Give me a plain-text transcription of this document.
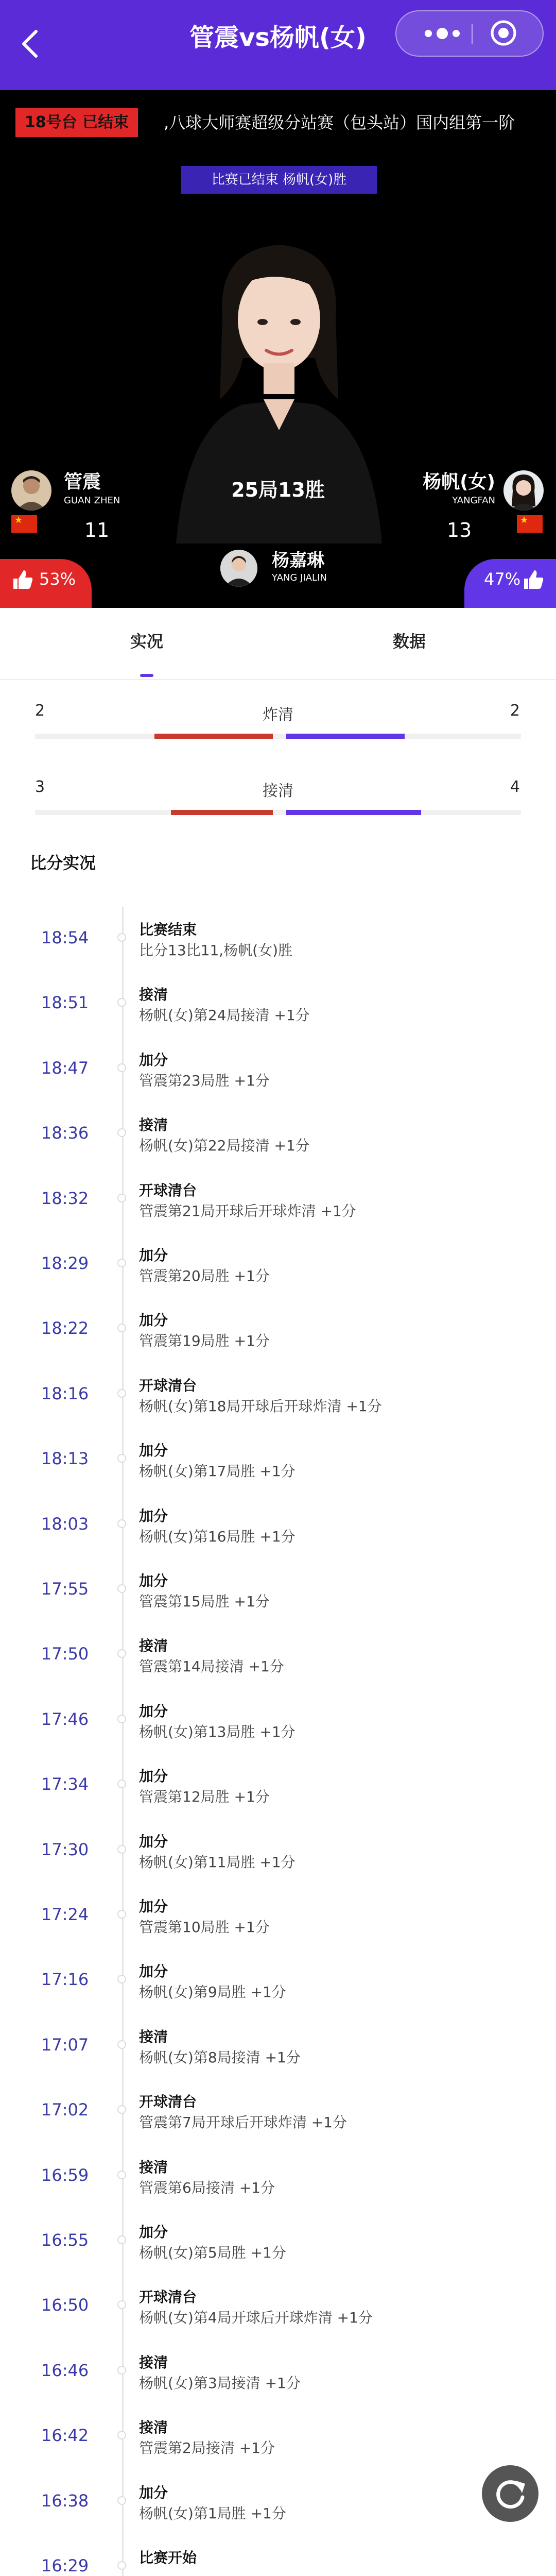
管震vs杨帆(女)
18号台 已结束	,八球大师赛超级分站赛（包头站）国内组第一阶
比赛已结束 杨帆(女)胜
★
管震
GUAN ZHEN
11
25局13胜
★
杨帆(女)
YANGFAN
13
杨嘉琳
YANG JIALIN
53%	47%
实况	数据
2	炸清	2
3	接清	4
比分实况
18:54	比赛结束
比分13比11,杨帆(女)胜
18:51	接清
杨帆(女)第24局接清 +1分
18:47	加分
管震第23局胜 +1分
18:36	接清
杨帆(女)第22局接清 +1分
18:32	开球清台
管震第21局开球后开球炸清 +1分
18:29	加分
管震第20局胜 +1分
18:22	加分
管震第19局胜 +1分
18:16	开球清台
杨帆(女)第18局开球后开球炸清 +1分
18:13	加分
杨帆(女)第17局胜 +1分
18:03	加分
杨帆(女)第16局胜 +1分
17:55	加分
管震第15局胜 +1分
17:50	接清
管震第14局接清 +1分
17:46	加分
杨帆(女)第13局胜 +1分
17:34	加分
管震第12局胜 +1分
17:30	加分
杨帆(女)第11局胜 +1分
17:24	加分
管震第10局胜 +1分
17:16	加分
杨帆(女)第9局胜 +1分
17:07	接清
杨帆(女)第8局接清 +1分
17:02	开球清台
管震第7局开球后开球炸清 +1分
16:59	接清
管震第6局接清 +1分
16:55	加分
杨帆(女)第5局胜 +1分
16:50	开球清台
杨帆(女)第4局开球后开球炸清 +1分
16:46	接清
杨帆(女)第3局接清 +1分
16:42	接清
管震第2局接清 +1分
16:38	加分
杨帆(女)第1局胜 +1分
16:29	比赛开始
